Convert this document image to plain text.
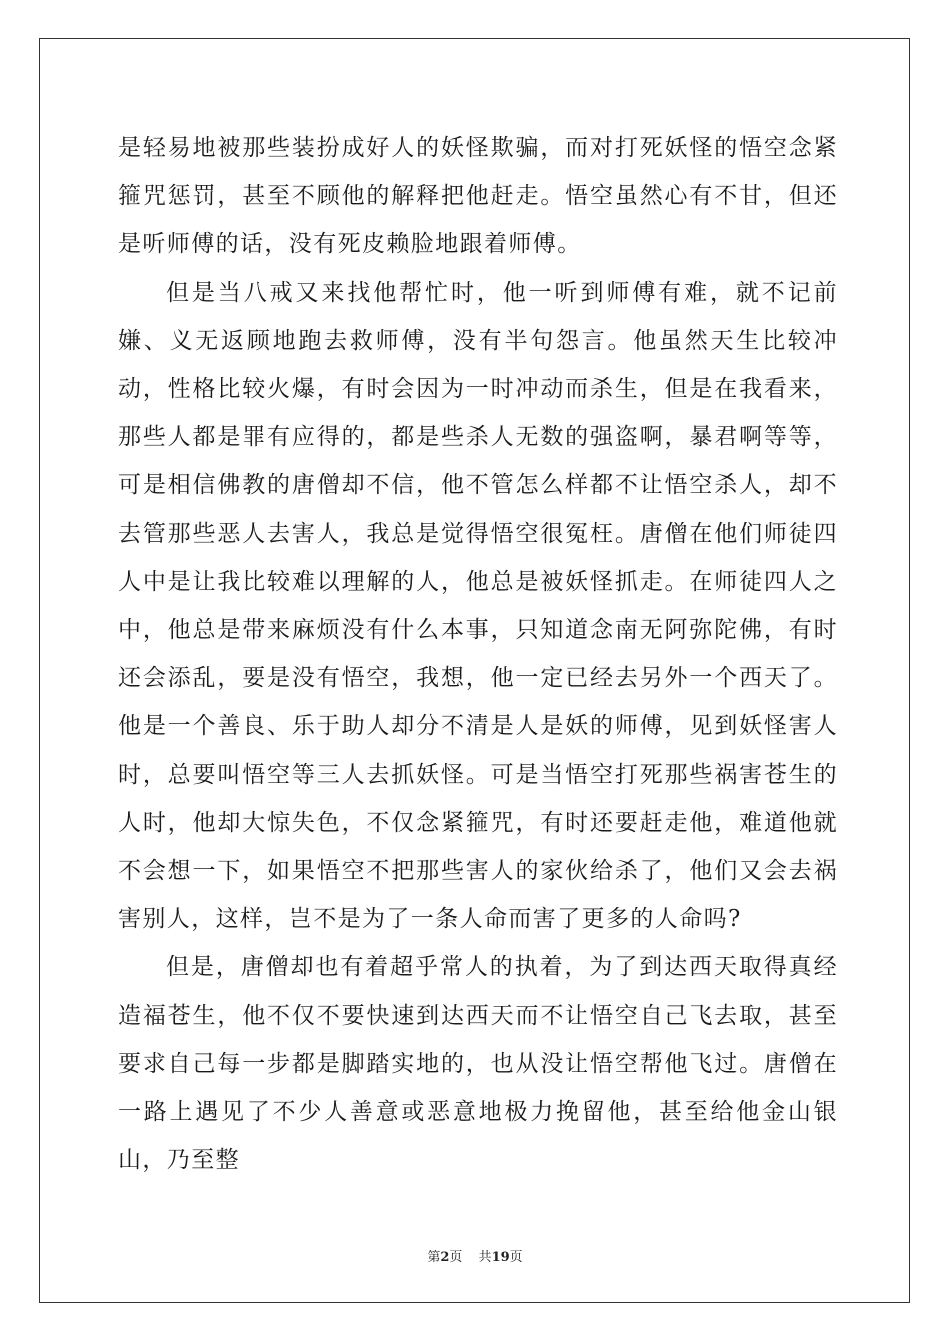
是轻易地被那些装扮成好人的妖怪欺骗，而对打死妖怪的悟空念紧箍咒惩罚，甚至不顾他的解释把他赶走。悟空虽然心有不甘，但还是听师傅的话，没有死皮赖脸地跟着师傅。

但是当八戒又来找他帮忙时，他一听到师傅有难，就不记前嫌、义无返顾地跑去救师傅，没有半句怨言。他虽然天生比较冲动，性格比较火爆，有时会因为一时冲动而杀生，但是在我看来，那些人都是罪有应得的，都是些杀人无数的强盗啊，暴君啊等等，可是相信佛教的唐僧却不信，他不管怎么样都不让悟空杀人，却不去管那些恶人去害人，我总是觉得悟空很冤枉。唐僧在他们师徒四人中是让我比较难以理解的人，他总是被妖怪抓走。在师徒四人之中，他总是带来麻烦没有什么本事，只知道念南无阿弥陀佛，有时还会添乱，要是没有悟空，我想，他一定已经去另外一个西天了。他是一个善良、乐于助人却分不清是人是妖的师傅，见到妖怪害人时，总要叫悟空等三人去抓妖怪。可是当悟空打死那些祸害苍生的人时，他却大惊失色，不仅念紧箍咒，有时还要赶走他，难道他就不会想一下，如果悟空不把那些害人的家伙给杀了，他们又会去祸害别人，这样，岂不是为了一条人命而害了更多的人命吗?

但是，唐僧却也有着超乎常人的执着，为了到达西天取得真经造福苍生，他不仅不要快速到达西天而不让悟空自己飞去取，甚至要求自己每一步都是脚踏实地的，也从没让悟空帮他飞过。唐僧在一路上遇见了不少人善意或恶意地极力挽留他，甚至给他金山银山，乃至整

第2页 共19页
